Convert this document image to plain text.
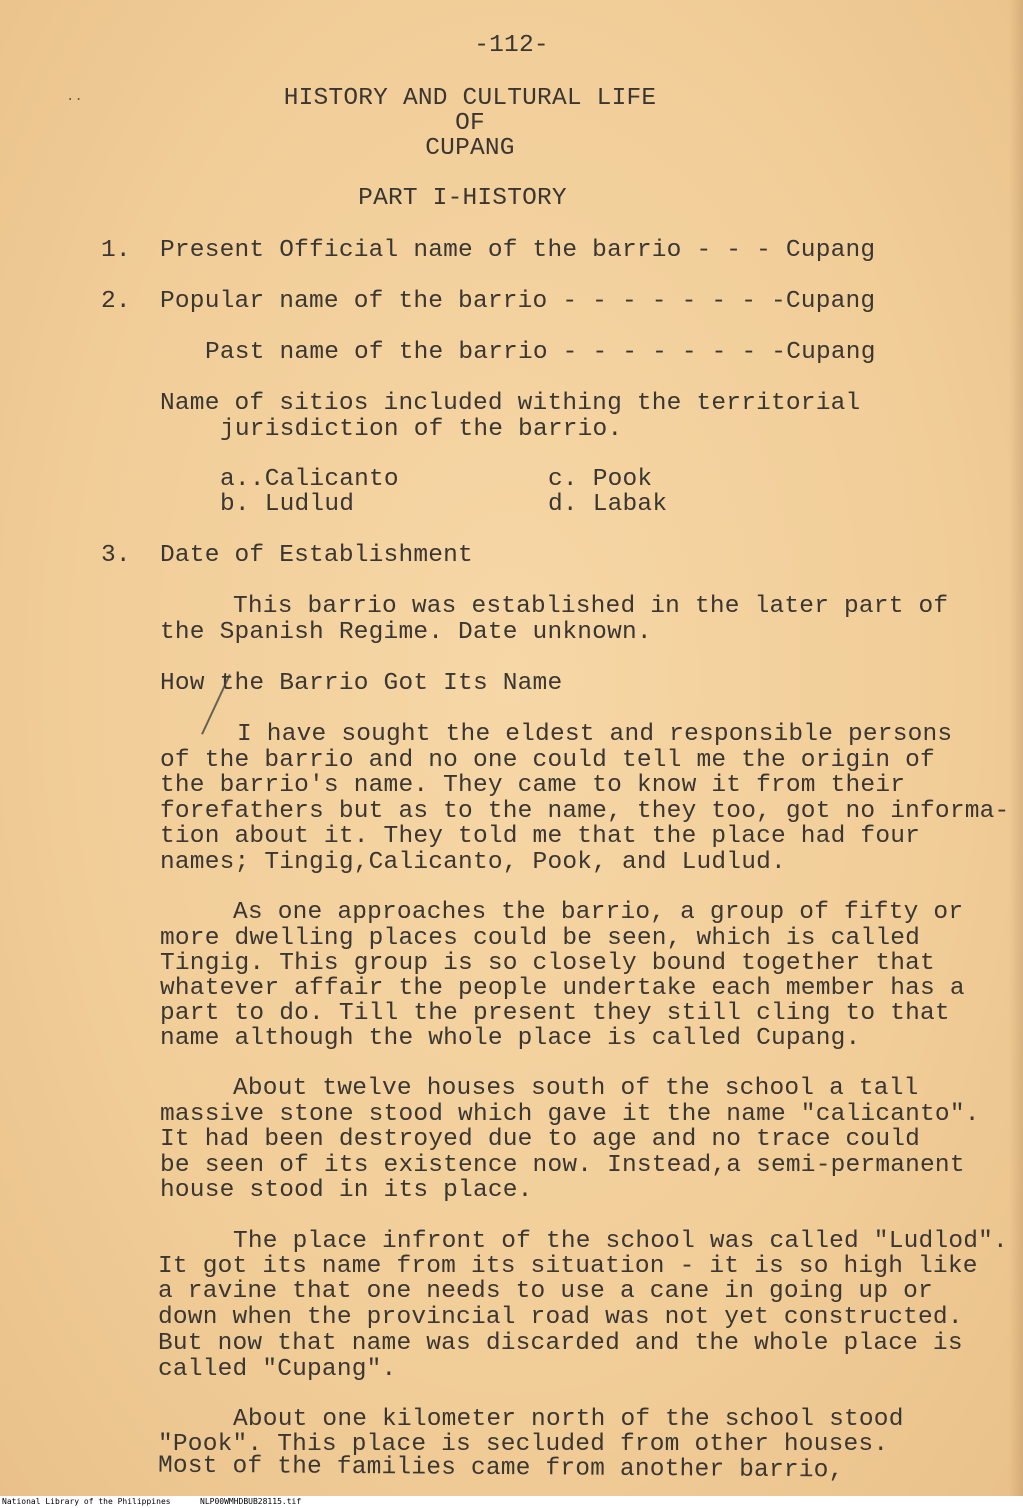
··
-112-
HISTORY AND CULTURAL LIFE
OF
CUPANG
PART I-HISTORY
1. Present Official name of the barrio - - - Cupang
2. Popular name of the barrio - - - - - - - -Cupang
Past name of the barrio - - - - - - - -Cupang
Name of sitios included withing the territorial
jurisdiction of the barrio.
a..Calicanto
b. Ludlud
c. Pook
d. Labak
3. Date of Establishment
This barrio was established in the later part of
the Spanish Regime. Date unknown.
How the Barrio Got Its Name
I have sought the eldest and responsible persons
of the barrio and no one could tell me the origin of
the barrio's name. They came to know it from their
forefathers but as to the name, they too, got no informa-
tion about it. They told me that the place had four
names; Tingig,Calicanto, Pook, and Ludlud.
As one approaches the barrio, a group of fifty or
more dwelling places could be seen, which is called
Tingig. This group is so closely bound together that
whatever affair the people undertake each member has a
part to do. Till the present they still cling to that
name although the whole place is called Cupang.
About twelve houses south of the school a tall
massive stone stood which gave it the name "calicanto".
It had been destroyed due to age and no trace could
be seen of its existence now. Instead,a semi-permanent
house stood in its place.
The place infront of the school was called "Ludlod".
It got its name from its situation - it is so high like
a ravine that one needs to use a cane in going up or
down when the provincial road was not yet constructed.
But now that name was discarded and the whole place is
called "Cupang".
About one kilometer north of the school stood
"Pook". This place is secluded from other houses.
Most of the families came from another barrio,
National Library of the Philippines	NLP00WMHDBUB28115.tif
